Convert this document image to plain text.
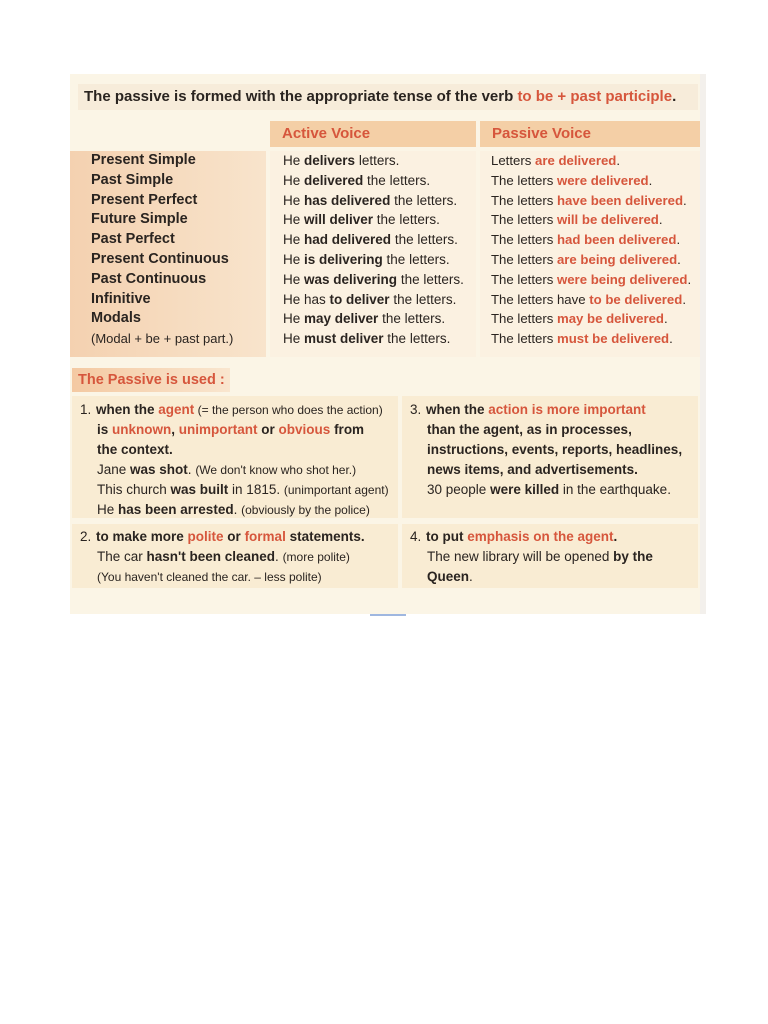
The passive is formed with the appropriate tense of the verb to be + past participle.
Active Voice	Passive Voice
Present Simple
Past Simple
Present Perfect
Future Simple
Past Perfect
Present Continuous
Past Continuous
Infinitive
Modals
(Modal + be + past part.)
He delivers letters.
He delivered the letters.
He has delivered the letters.
He will deliver the letters.
He had delivered the letters.
He is delivering the letters.
He was delivering the letters.
He has to deliver the letters.
He may deliver the letters.
He must deliver the letters.
Letters are delivered.
The letters were delivered.
The letters have been delivered.
The letters will be delivered.
The letters had been delivered.
The letters are being delivered.
The letters were being delivered.
The letters have to be delivered.
The letters may be delivered.
The letters must be delivered.
The Passive is used :
1. when the agent (= the person who does the action)
is unknown, unimportant or obvious from
the context.
Jane was shot. (We don't know who shot her.)
This church was built in 1815. (unimportant agent)
He has been arrested. (obviously by the police)
3. when the action is more important
than the agent, as in processes,
instructions, events, reports, headlines,
news items, and advertisements.
30 people were killed in the earthquake.
2. to make more polite or formal statements.
The car hasn't been cleaned. (more polite)
(You haven't cleaned the car. – less polite)
4. to put emphasis on the agent.
The new library will be opened by the
Queen.
